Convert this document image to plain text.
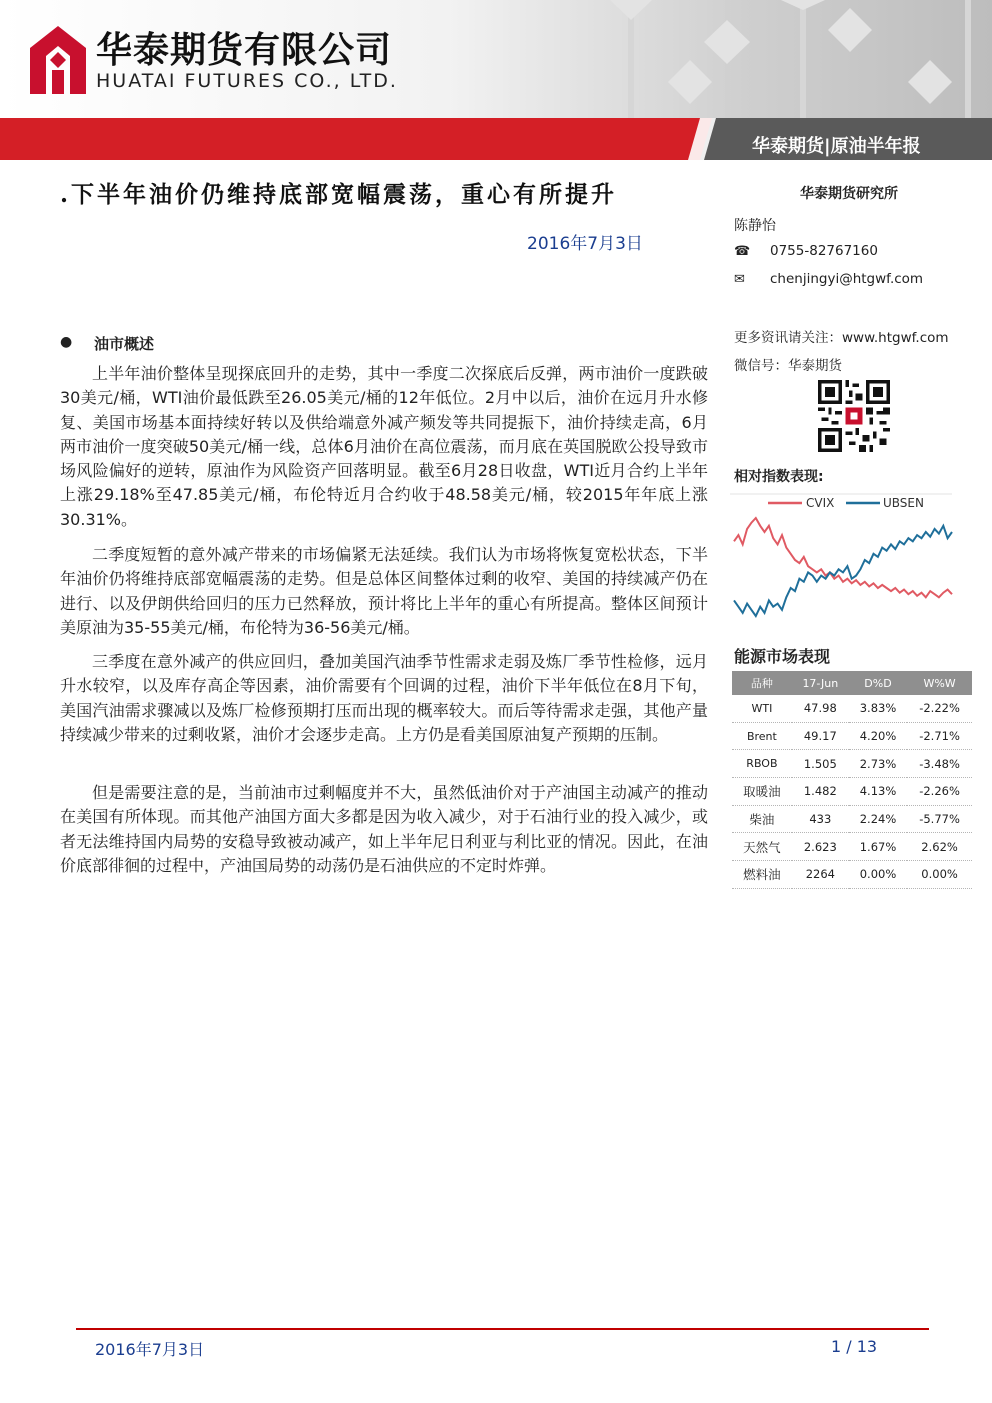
华泰期货有限公司
HUATAI FUTURES CO., LTD.
华泰期货|原油半年报
.下半年油价仍维持底部宽幅震荡，重心有所提升
2016年7月3日
华泰期货研究所
陈静怡
☎ 0755-82767160
✉ chenjingyi@htgwf.com
更多资讯请关注：www.htgwf.com
微信号：华泰期货
相对指数表现:
CVIX	UBSEN
能源市场表现
品种	17-Jun	D%D	W%W
WTI	47.98	3.83%	-2.22%
Brent	49.17	4.20%	-2.71%
RBOB	1.505	2.73%	-3.48%
取暖油	1.482	4.13%	-2.26%
柴油	433	2.24%	-5.77%
天然气	2.623	1.67%	2.62%
燃料油	2264	0.00%	0.00%
● 油市概述

上半年油价整体呈现探底回升的走势，其中一季度二次探底后反弹，两市油价一度跌破30美元/桶，WTI油价最低跌至26.05美元/桶的12年低位。2月中以后，油价在远月升水修复、美国市场基本面持续好转以及供给端意外减产频发等共同提振下，油价持续走高，6月两市油价一度突破50美元/桶一线，总体6月油价在高位震荡，而月底在英国脱欧公投导致市场风险偏好的逆转，原油作为风险资产回落明显。截至6月28日收盘，WTI近月合约上半年上涨29.18%至47.85美元/桶，布伦特近月合约收于48.58美元/桶，较2015年年底上涨30.31%。

二季度短暂的意外减产带来的市场偏紧无法延续。我们认为市场将恢复宽松状态，下半年油价仍将维持底部宽幅震荡的走势。但是总体区间整体过剩的收窄、美国的持续减产仍在进行、以及伊朗供给回归的压力已然释放，预计将比上半年的重心有所提高。整体区间预计美原油为35-55美元/桶，布伦特为36-56美元/桶。

三季度在意外减产的供应回归，叠加美国汽油季节性需求走弱及炼厂季节性检修，远月升水较窄，以及库存高企等因素，油价需要有个回调的过程，油价下半年低位在8月下旬，美国汽油需求骤减以及炼厂检修预期打压而出现的概率较大。而后等待需求走强，其他产量持续减少带来的过剩收紧，油价才会逐步走高。上方仍是看美国原油复产预期的压制。

但是需要注意的是，当前油市过剩幅度并不大，虽然低油价对于产油国主动减产的推动在美国有所体现。而其他产油国方面大多都是因为收入减少，对于石油行业的投入减少，或者无法维持国内局势的安稳导致被动减产，如上半年尼日利亚与利比亚的情况。因此，在油价底部徘徊的过程中，产油国局势的动荡仍是石油供应的不定时炸弹。

2016年7月3日	1 / 13
